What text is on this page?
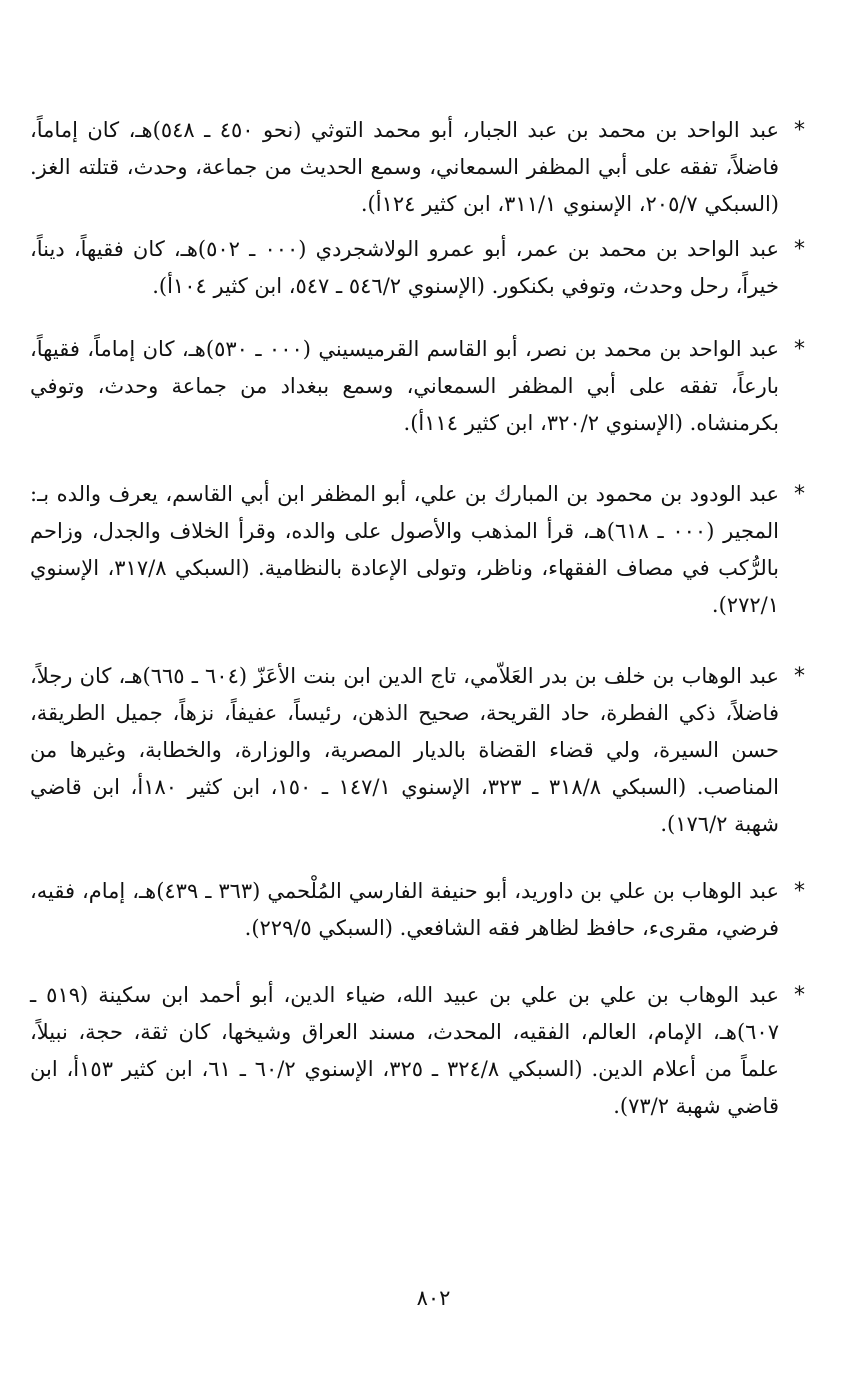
*
عبد الواحد بن محمد بن عبد الجبار، أبو محمد التوثي (نحو ٤٥٠ ـ ٥٤٨)هـ، كان إماماً، فاضلاً، تفقه على أبي المظفر السمعاني، وسمع الحديث من جماعة، وحدث، قتلته الغز. (السبكي ٢٠٥/٧، الإسنوي ٣١١/١، ابن كثير ١٢٤أ).
*
عبد الواحد بن محمد بن عمر، أبو عمرو الولاشجردي (٠٠٠ ـ ٥٠٢)هـ، كان فقيهاً، ديناً، خيراً، رحل وحدث، وتوفي بكنكور. (الإسنوي ٥٤٦/٢ ـ ٥٤٧، ابن كثير ١٠٤أ).
*
عبد الواحد بن محمد بن نصر، أبو القاسم القرميسيني (٠٠٠ ـ ٥٣٠)هـ، كان إماماً، فقيهاً، بارعاً، تفقه على أبي المظفر السمعاني، وسمع ببغداد من جماعة وحدث، وتوفي بكرمنشاه. (الإسنوي ٣٢٠/٢، ابن كثير ١١٤أ).
*
عبد الودود بن محمود بن المبارك بن علي، أبو المظفر ابن أبي القاسم، يعرف والده بـ: المجير (٠٠٠ ـ ٦١٨)هـ، قرأ المذهب والأصول على والده، وقرأ الخلاف والجدل، وزاحم بالرُّكب في مصاف الفقهاء، وناظر، وتولى الإعادة بالنظامية. (السبكي ٣١٧/٨، الإسنوي ٢٧٢/١).
*
عبد الوهاب بن خلف بن بدر العَلاّمي، تاج الدين ابن بنت الأعَزّ (٦٠٤ ـ ٦٦٥)هـ، كان رجلاً، فاضلاً، ذكي الفطرة، حاد القريحة، صحيح الذهن، رئيساً، عفيفاً، نزهاً، جميل الطريقة، حسن السيرة، ولي قضاء القضاة بالديار المصرية، والوزارة، والخطابة، وغيرها من المناصب. (السبكي ٣١٨/٨ ـ ٣٢٣، الإسنوي ١٤٧/١ ـ ١٥٠، ابن كثير ١٨٠أ، ابن قاضي شهبة ١٧٦/٢).
*
عبد الوهاب بن علي بن داوريد، أبو حنيفة الفارسي المُلْحمي (٣٦٣ ـ ٤٣٩)هـ، إمام، فقيه، فرضي، مقرىء، حافظ لظاهر فقه الشافعي. (السبكي ٢٢٩/٥).
*
عبد الوهاب بن علي بن علي بن عبيد الله، ضياء الدين، أبو أحمد ابن سكينة (٥١٩ ـ ٦٠٧)هـ، الإمام، العالم، الفقيه، المحدث، مسند العراق وشيخها، كان ثقة، حجة، نبيلاً، علماً من أعلام الدين. (السبكي ٣٢٤/٨ ـ ٣٢٥، الإسنوي ٦٠/٢ ـ ٦١، ابن كثير ١٥٣أ، ابن قاضي شهبة ٧٣/٢).
٨٠٢
